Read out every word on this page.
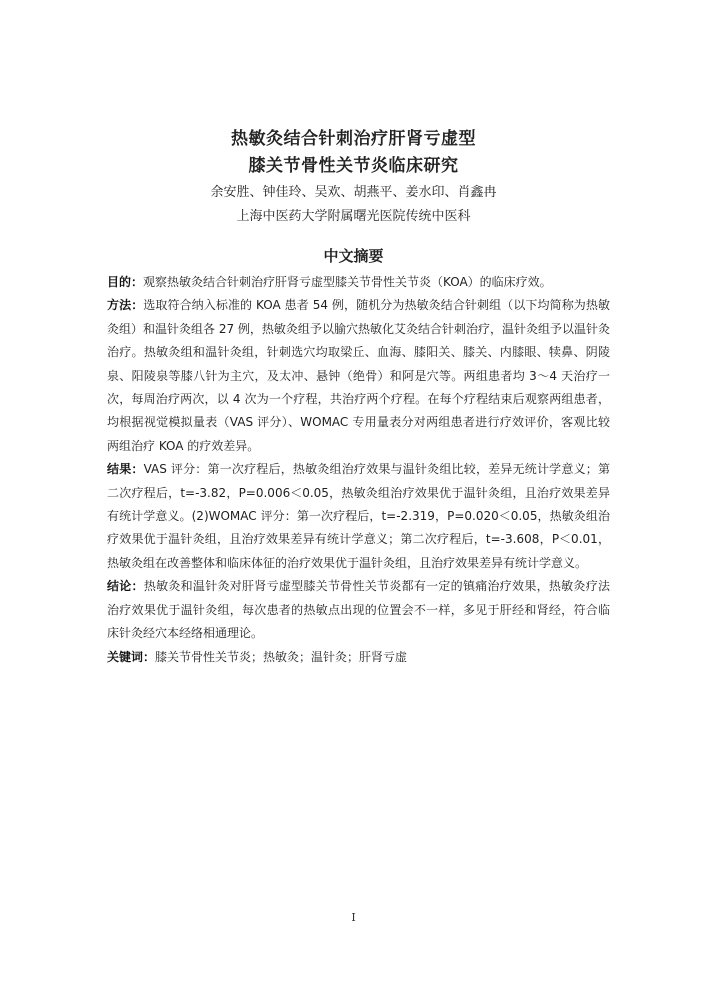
热敏灸结合针刺治疗肝肾亏虚型
膝关节骨性关节炎临床研究
余安胜、钟佳玲、吴欢、胡燕平、姜水印、肖鑫冉
上海中医药大学附属曙光医院传统中医科
中文摘要

目的：观察热敏灸结合针刺治疗肝肾亏虚型膝关节骨性关节炎（KOA）的临床疗效。

方法：选取符合纳入标准的 KOA 患者 54 例，随机分为热敏灸结合针刺组（以下均简称为热敏灸组）和温针灸组各 27 例，热敏灸组予以腧穴热敏化艾灸结合针刺治疗，温针灸组予以温针灸治疗。热敏灸组和温针灸组，针刺选穴均取梁丘、血海、膝阳关、膝关、内膝眼、犊鼻、阴陵泉、阳陵泉等膝八针为主穴，及太冲、悬钟（绝骨）和阿是穴等。两组患者均 3～4 天治疗一次，每周治疗两次，以 4 次为一个疗程，共治疗两个疗程。在每个疗程结束后观察两组患者，均根据视觉模拟量表（VAS 评分）、WOMAC 专用量表分对两组患者进行疗效评价，客观比较两组治疗 KOA 的疗效差异。

结果：VAS 评分：第一次疗程后，热敏灸组治疗效果与温针灸组比较，差异无统计学意义；第二次疗程后，t=-3.82，P=0.006＜0.05，热敏灸组治疗效果优于温针灸组，且治疗效果差异有统计学意义。(2)WOMAC 评分：第一次疗程后，t=-2.319，P=0.020＜0.05，热敏灸组治疗效果优于温针灸组，且治疗效果差异有统计学意义；第二次疗程后，t=-3.608，P＜0.01，热敏灸组在改善整体和临床体征的治疗效果优于温针灸组，且治疗效果差异有统计学意义。

结论：热敏灸和温针灸对肝肾亏虚型膝关节骨性关节炎都有一定的镇痛治疗效果，热敏灸疗法治疗效果优于温针灸组，每次患者的热敏点出现的位置会不一样，多见于肝经和肾经，符合临床针灸经穴本经络相通理论。

关键词：膝关节骨性关节炎；热敏灸；温针灸；肝肾亏虚

I
